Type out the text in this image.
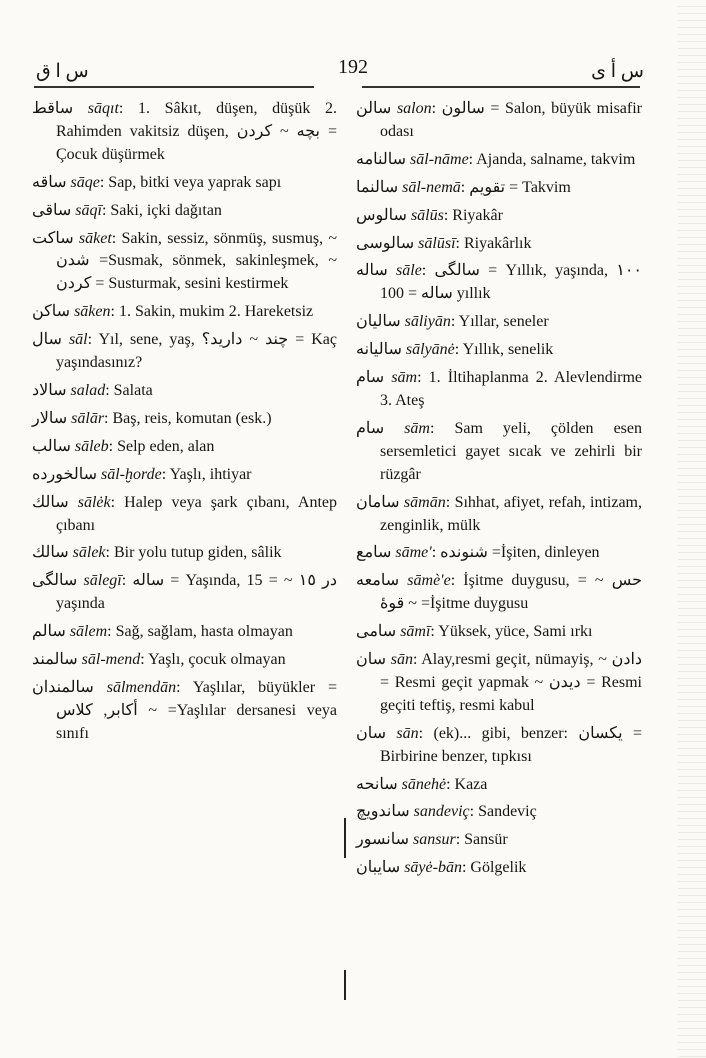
س ا ق	192	س أ ى
ساقط sāqıt: 1. Sâkıt, düşen, düşük 2. Rahimden vakitsiz düşen, بچه ~ كردن = Çocuk düşürmek
ساقه sāqe: Sap, bitki veya yaprak sapı
ساقی sāqī: Saki, içki dağıtan
ساكت sāket: Sakin, sessiz, sönmüş, susmuş, ~ شدن =Susmak, sönmek, sakinleşmek, ~ كردن = Susturmak, sesini kestirmek
ساكن sāken: 1. Sakin, mukim 2. Hareketsiz
سال sāl: Yıl, sene, yaş, چند ~ داريد؟ = Kaç yaşındasınız?
سالاد salad: Salata
سالار sālār: Baş, reis, komutan (esk.)
سالب sāleb: Selp eden, alan
سالخورده sāl-ḫorde: Yaşlı, ihtiyar
سالك sālėk: Halep veya şark çıbanı, Antep çıbanı
سالك sālek: Bir yolu tutup giden, sâlik
سالگی sālegī: ساله = Yaşında, در ١٥ ~ = 15 yaşında
سالم sālem: Sağ, sağlam, hasta olmayan
سالمند sāl-mend: Yaşlı, çocuk olmayan
سالمندان sālmendān: Yaşlılar, büyükler = أكابر, كلاس ~ =Yaşlılar dersanesi veya sınıfı
سالن salon: سالون = Salon, büyük misafir odası
سالنامه sāl-nāme: Ajanda, salname, takvim
سالنما sāl-nemā: تقويم = Takvim
سالوس sālūs: Riyakâr
سالوسی sālūsī: Riyakârlık
ساله sāle: سالگی = Yıllık, yaşında, ١٠٠ ساله = 100 yıllık
ساليان sāliyān: Yıllar, seneler
ساليانه sālyānė: Yıllık, senelik
سام sām: 1. İltihaplanma 2. Alevlendirme 3. Ateş
سام sām: Sam yeli, çölden esen sersemletici gayet sıcak ve zehirli bir rüzgâr
سامان sāmān: Sıhhat, afiyet, refah, intizam, zenginlik, mülk
سامع sāme': شنونده =İşiten, dinleyen
سامعه sāmè'e: İşitme duygusu, حس ~ = قوۀ ~ =İşitme duygusu
سامی sāmī: Yüksek, yüce, Sami ırkı
سان sān: Alay,resmi geçit, nümayiş, ~ دادن = Resmi geçit yapmak ~ ديدن = Resmi geçiti teftiş, resmi kabul
سان sān: (ek)... gibi, benzer: يكسان = Birbirine benzer, tıpkısı
سانحه sānehė: Kaza
ساندويچ sandeviç: Sandeviç
سانسور sansur: Sansür
سايبان sāyė-bān: Gölgelik
